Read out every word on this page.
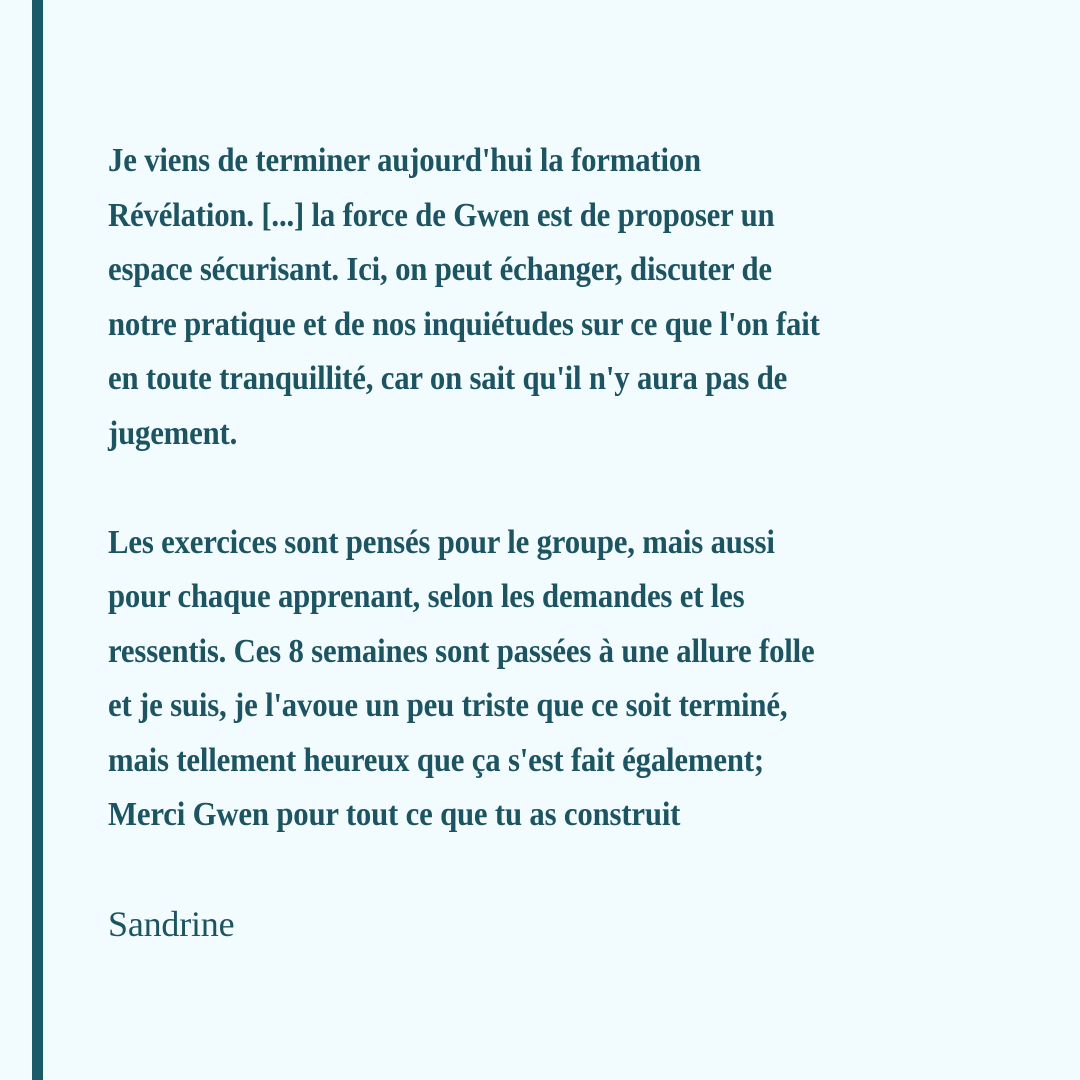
Je viens de terminer aujourd'hui la formation
Révélation. [...] la force de Gwen est de proposer un
espace sécurisant. Ici, on peut échanger, discuter de
notre pratique et de nos inquiétudes sur ce que l'on fait
en toute tranquillité, car on sait qu'il n'y aura pas de
jugement.

Les exercices sont pensés pour le groupe, mais aussi
pour chaque apprenant, selon les demandes et les
ressentis. Ces 8 semaines sont passées à une allure folle
et je suis, je l'avoue un peu triste que ce soit terminé,
mais tellement heureux que ça s'est fait également;
Merci Gwen pour tout ce que tu as construit

Sandrine
